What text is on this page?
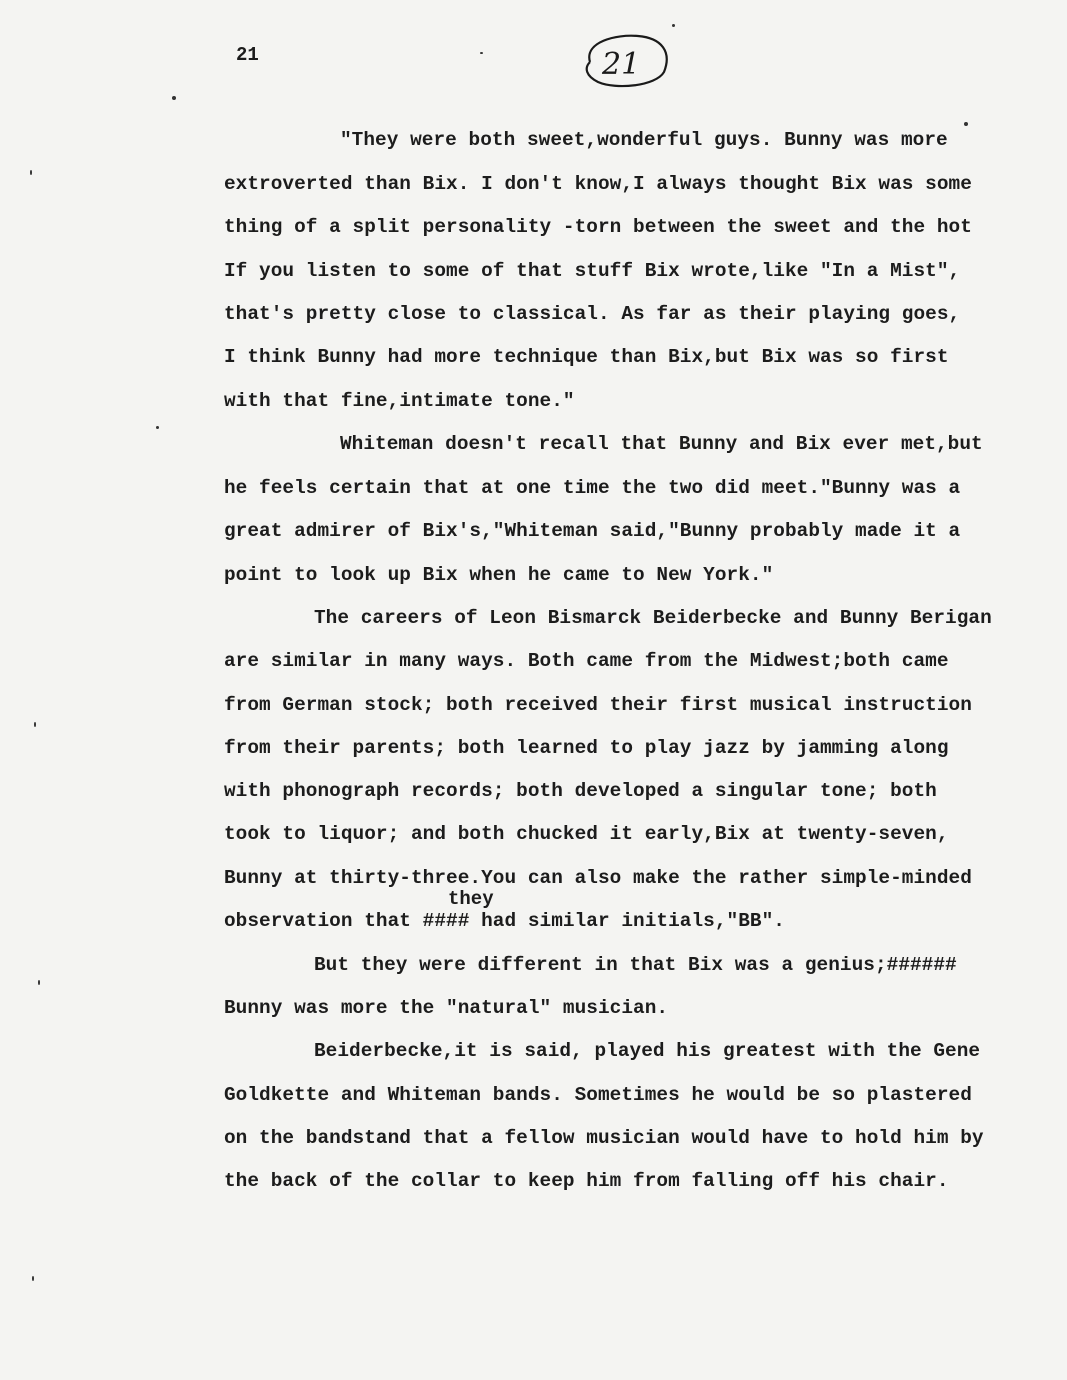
21	21
"They were both sweet,wonderful guys. Bunny was more
extroverted than Bix. I don't know,I always thought Bix was some
thing of a split personality -torn between the sweet and the hot
If you listen to some of that stuff Bix wrote,like "In a Mist",
that's pretty close to classical. As far as their playing goes,
I think Bunny had more technique than Bix,but Bix was so first
with that fine,intimate tone."
Whiteman doesn't recall that Bunny and Bix ever met,but
he feels certain that at one time the two did meet."Bunny was a
great admirer of Bix's,"Whiteman said,"Bunny probably made it a
point to look up Bix when he came to New York."
The careers of Leon Bismarck Beiderbecke and Bunny Berigan
are similar in many ways. Both came from the Midwest;both came
from German stock; both received their first musical instruction
from their parents; both learned to play jazz by jamming along
with phonograph records; both developed a singular tone; both
took to liquor; and both chucked it early,Bix at twenty-seven,
Bunny at thirty-three.You can also make the rather simple-minded
they
observation that #### had similar initials,"BB".
But they were different in that Bix was a genius;######
Bunny was more the "natural" musician.
Beiderbecke,it is said, played his greatest with the Gene
Goldkette and Whiteman bands. Sometimes he would be so plastered
on the bandstand that a fellow musician would have to hold him by
the back of the collar to keep him from falling off his chair.
